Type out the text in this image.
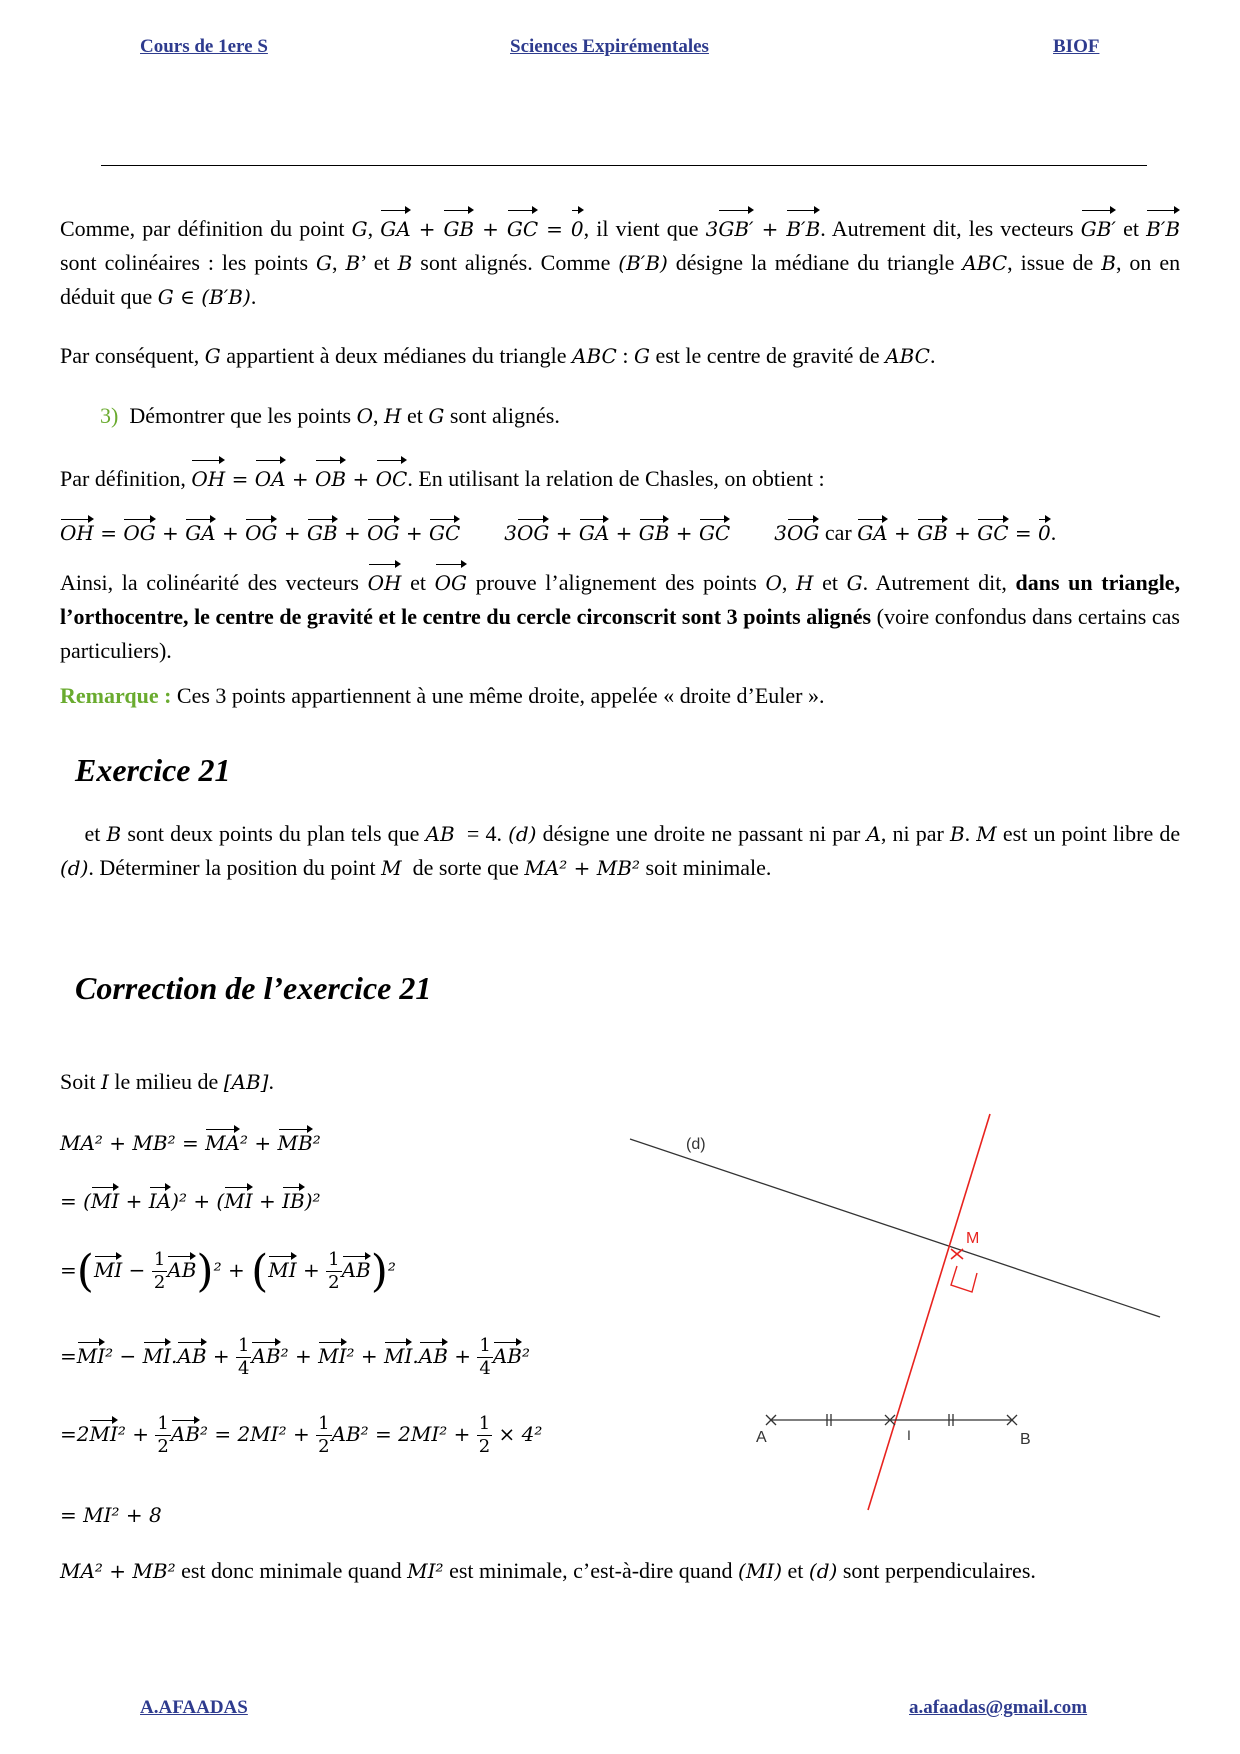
Cours de 1ere S	Sciences Expirémentales	BIOF
Comme, par définition du point G, GA + GB + GC = 0, il vient que 3GB′ + B′B. Autrement dit, les vecteurs GB′ et B′B sont colinéaires : les points G, B’ et B sont alignés. Comme (B′B) désigne la médiane du triangle ABC, issue de B, on en déduit que G ∈ (B′B).
Par conséquent, G appartient à deux médianes du triangle ABC : G est le centre de gravité de ABC.
3) Démontrer que les points O, H et G sont alignés.
Par définition, OH = OA + OB + OC. En utilisant la relation de Chasles, on obtient :
OH = OG + GA + OG + GB + OG + GC 3OG + GA + GB + GC 3OG car GA + GB + GC = 0.
Ainsi, la colinéarité des vecteurs OH et OG prouve l’alignement des points O, H et G. Autrement dit, dans un triangle, l’orthocentre, le centre de gravité et le centre du cercle circonscrit sont 3 points alignés (voire confondus dans certains cas particuliers).
Remarque : Ces 3 points appartiennent à une même droite, appelée « droite d’Euler ».
Exercice 21
et B sont deux points du plan tels que AB  = 4. (d) désigne une droite ne passant ni par A, ni par B. M est un point libre de (d). Déterminer la position du point M de sorte que MA² + MB² soit minimale.
Correction de l’exercice 21
Soit I le milieu de [AB].
MA² + MB² = MA² + MB²
= (MI + IA)² + (MI + IB)²
$=(MI - \frac{1}{2} AB)^2 + (MI + \frac{1}{2} AB)^2$
$=MI^2 - MI.AB + \frac{1}{4} AB^2 + MI^2 + MI.AB + \frac{1}{4} AB^2$
$=2MI^2 + \frac{1}{2} AB^2 = 2MI^2 + \frac{1}{2} AB^2 = 2MI^2 + \frac{1}{2} \times 4^2$
= MI² + 8
MA² + MB² est donc minimale quand MI² est minimale, c’est-à-dire quand (MI) et (d) sont perpendiculaires.
(d)
M
A	I	B
A.AFAADAS	a.afaadas@gmail.com
